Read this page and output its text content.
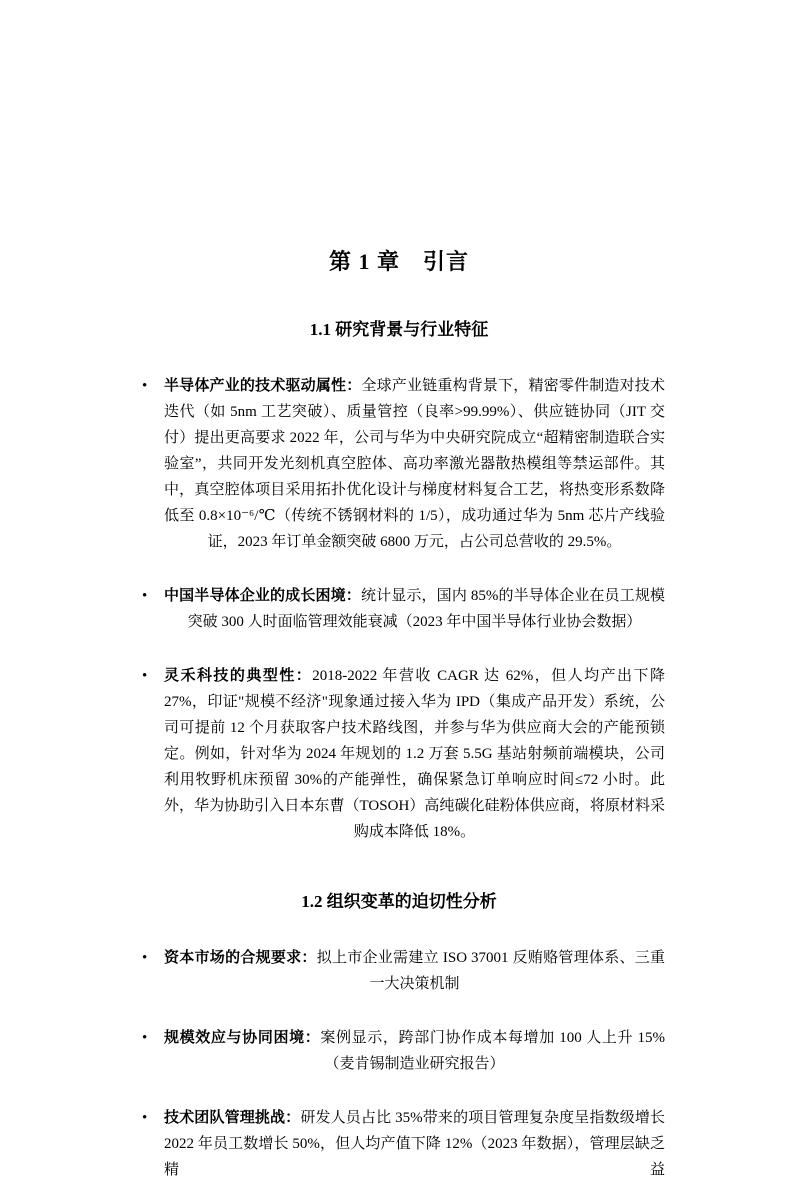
第 1 章　引言
1.1 研究背景与行业特征
• 半导体产业的技术驱动属性：全球产业链重构背景下，精密零件制造对技术迭代（如 5nm 工艺突破）、质量管控（良率>99.99%）、供应链协同（JIT 交付）提出更高要求 2022 年，公司与华为中央研究院成立“超精密制造联合实验室”，共同开发光刻机真空腔体、高功率激光器散热模组等禁运部件。其中，真空腔体项目采用拓扑优化设计与梯度材料复合工艺，将热变形系数降低至 0.8×10⁻⁶/℃（传统不锈钢材料的 1/5），成功通过华为 5nm 芯片产线验证，2023 年订单金额突破 6800 万元，占公司总营收的 29.5%。
• 中国半导体企业的成长困境：统计显示，国内 85%的半导体企业在员工规模突破 300 人时面临管理效能衰减（2023 年中国半导体行业协会数据）
• 灵禾科技的典型性：2018-2022 年营收 CAGR 达 62%，但人均产出下降 27%，印证"规模不经济"现象通过接入华为 IPD（集成产品开发）系统，公司可提前 12 个月获取客户技术路线图，并参与华为供应商大会的产能预锁定。例如，针对华为 2024 年规划的 1.2 万套 5.5G 基站射频前端模块，公司利用牧野机床预留 30%的产能弹性，确保紧急订单响应时间≤72 小时。此外，华为协助引入日本东曹（TOSOH）高纯碳化硅粉体供应商，将原材料采购成本降低 18%。
1.2 组织变革的迫切性分析
• 资本市场的合规要求：拟上市企业需建立 ISO 37001 反贿赂管理体系、三重一大决策机制
• 规模效应与协同困境：案例显示，跨部门协作成本每增加 100 人上升 15%（麦肯锡制造业研究报告）
• 技术团队管理挑战：研发人员占比 35%带来的项目管理复杂度呈指数级增长 2022 年员工数增长 50%，但人均产值下降 12%（2023 年数据），管理层缺乏精益
